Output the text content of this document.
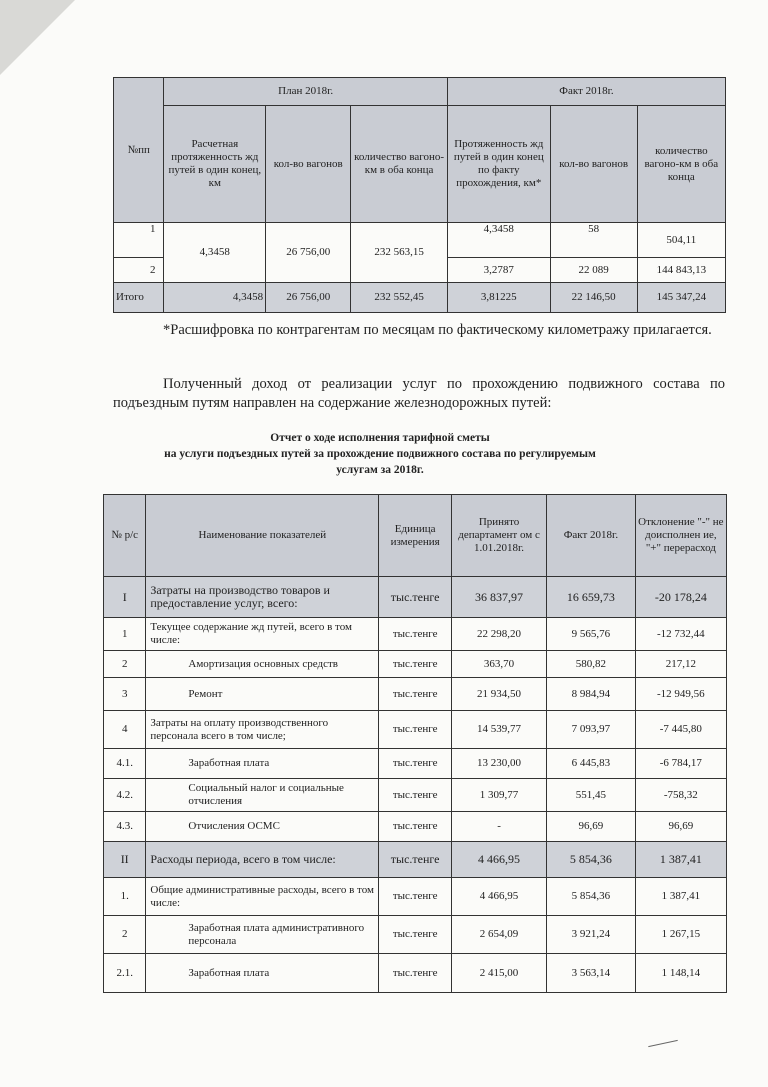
№пп	План 2018г.			Факт 2018г.		
	Расчетная протяженность жд путей в один конец, км	кол-во вагонов	количество вагоно-км в оба конца	Протяженность жд путей в один конец по факту прохождения, км*	кол-во вагонов	количество вагоно-км в оба конца
1	4,3458	26 756,00	232 563,15	4,3458	58	504,11
2				3,2787	22 089	144 843,13
Итого	4,3458	26 756,00	232 552,45	3,81225	22 146,50	145 347,24
*Расшифровка по контрагентам по месяцам по фактическому километражу прилагается.
Полученный доход от реализации услуг по прохождению подвижного состава по подъездным путям направлен на содержание железнодорожных путей:
Отчет о ходе исполнения тарифной сметы
на услуги подъездных путей за прохождение подвижного состава по регулируемым
услугам за 2018г.
№ р/с	Наименование показателей	Единица измерения	Принято департамент ом с 1.01.2018г.	Факт 2018г.	Отклонение "-" не доисполнен ие, "+" перерасход
I	Затраты на производство товаров и предоставление услуг, всего:	тыс.тенге	36 837,97	16 659,73	-20 178,24
1	Текущее содержание жд путей, всего в том числе:	тыс.тенге	22 298,20	9 565,76	-12 732,44
2	Амортизация основных средств	тыс.тенге	363,70	580,82	217,12
3	Ремонт	тыс.тенге	21 934,50	8 984,94	-12 949,56
4	Затраты на оплату производственного персонала всего в том числе;	тыс.тенге	14 539,77	7 093,97	-7 445,80
4.1.	Заработная плата	тыс.тенге	13 230,00	6 445,83	-6 784,17
4.2.	Социальный налог и социальные отчисления	тыс.тенге	1 309,77	551,45	-758,32
4.3.	Отчисления ОСМС	тыс.тенге	-	96,69	96,69
II	Расходы периода, всего в том числе:	тыс.тенге	4 466,95	5 854,36	1 387,41
1.	Общие административные расходы, всего в том числе:	тыс.тенге	4 466,95	5 854,36	1 387,41
2	Заработная плата административного персонала	тыс.тенге	2 654,09	3 921,24	1 267,15
2.1.	Заработная плата	тыс.тенге	2 415,00	3 563,14	1 148,14
